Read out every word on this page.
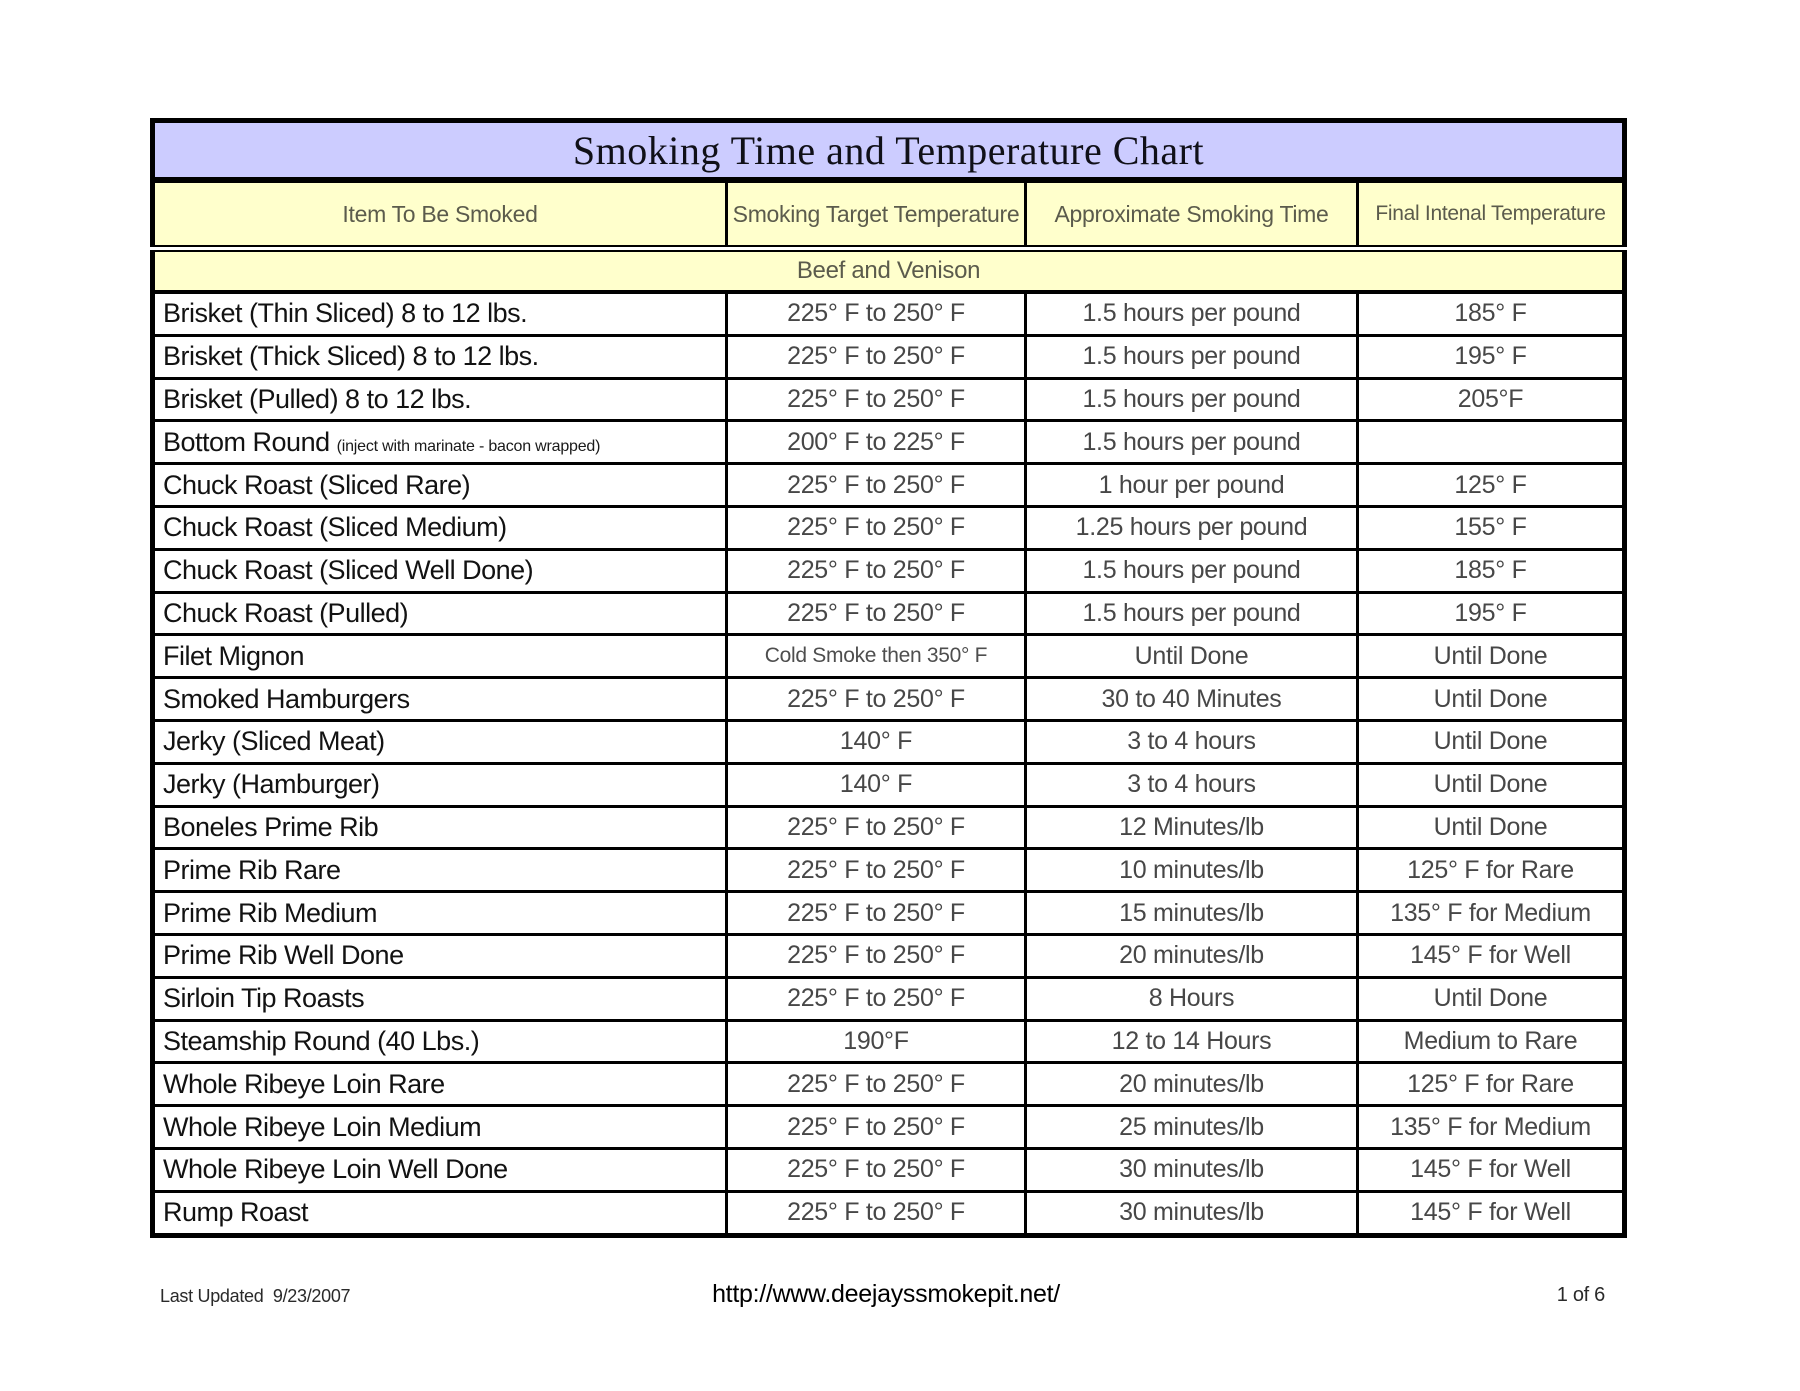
Smoking Time and Temperature Chart			
Item To Be Smoked	Smoking Target Temperature	Approximate Smoking Time	Final Intenal Temperature
Beef and Venison			
Brisket (Thin Sliced) 8 to 12 lbs.	225° F to 250° F	1.5 hours per pound	185° F
Brisket (Thick Sliced) 8 to 12 lbs.	225° F to 250° F	1.5 hours per pound	195° F
Brisket (Pulled) 8 to 12 lbs.	225° F to 250° F	1.5 hours per pound	205°F
Bottom Round (inject with marinate - bacon wrapped)	200° F to 225° F	1.5 hours per pound	
Chuck Roast (Sliced Rare)	225° F to 250° F	1 hour per pound	125° F
Chuck Roast (Sliced Medium)	225° F to 250° F	1.25 hours per pound	155° F
Chuck Roast (Sliced Well Done)	225° F to 250° F	1.5 hours per pound	185° F
Chuck Roast (Pulled)	225° F to 250° F	1.5 hours per pound	195° F
Filet Mignon	Cold Smoke then 350° F	Until Done	Until Done
Smoked Hamburgers	225° F to 250° F	30 to 40 Minutes	Until Done
Jerky (Sliced Meat)	140° F	3 to 4 hours	Until Done
Jerky (Hamburger)	140° F	3 to 4 hours	Until Done
Boneles Prime Rib	225° F to 250° F	12 Minutes/lb	Until Done
Prime Rib Rare	225° F to 250° F	10 minutes/lb	125° F for Rare
Prime Rib Medium	225° F to 250° F	15 minutes/lb	135° F for Medium
Prime Rib Well Done	225° F to 250° F	20 minutes/lb	145° F for Well
Sirloin Tip Roasts	225° F to 250° F	8 Hours	Until Done
Steamship Round (40 Lbs.)	190°F	12 to 14 Hours	Medium to Rare
Whole Ribeye Loin Rare	225° F to 250° F	20 minutes/lb	125° F for Rare
Whole Ribeye Loin Medium	225° F to 250° F	25 minutes/lb	135° F for Medium
Whole Ribeye Loin Well Done	225° F to 250° F	30 minutes/lb	145° F for Well
Rump Roast	225° F to 250° F	30 minutes/lb	145° F for Well
Last Updated  9/23/2007	http://www.deejayssmokepit.net/	1 of 6
